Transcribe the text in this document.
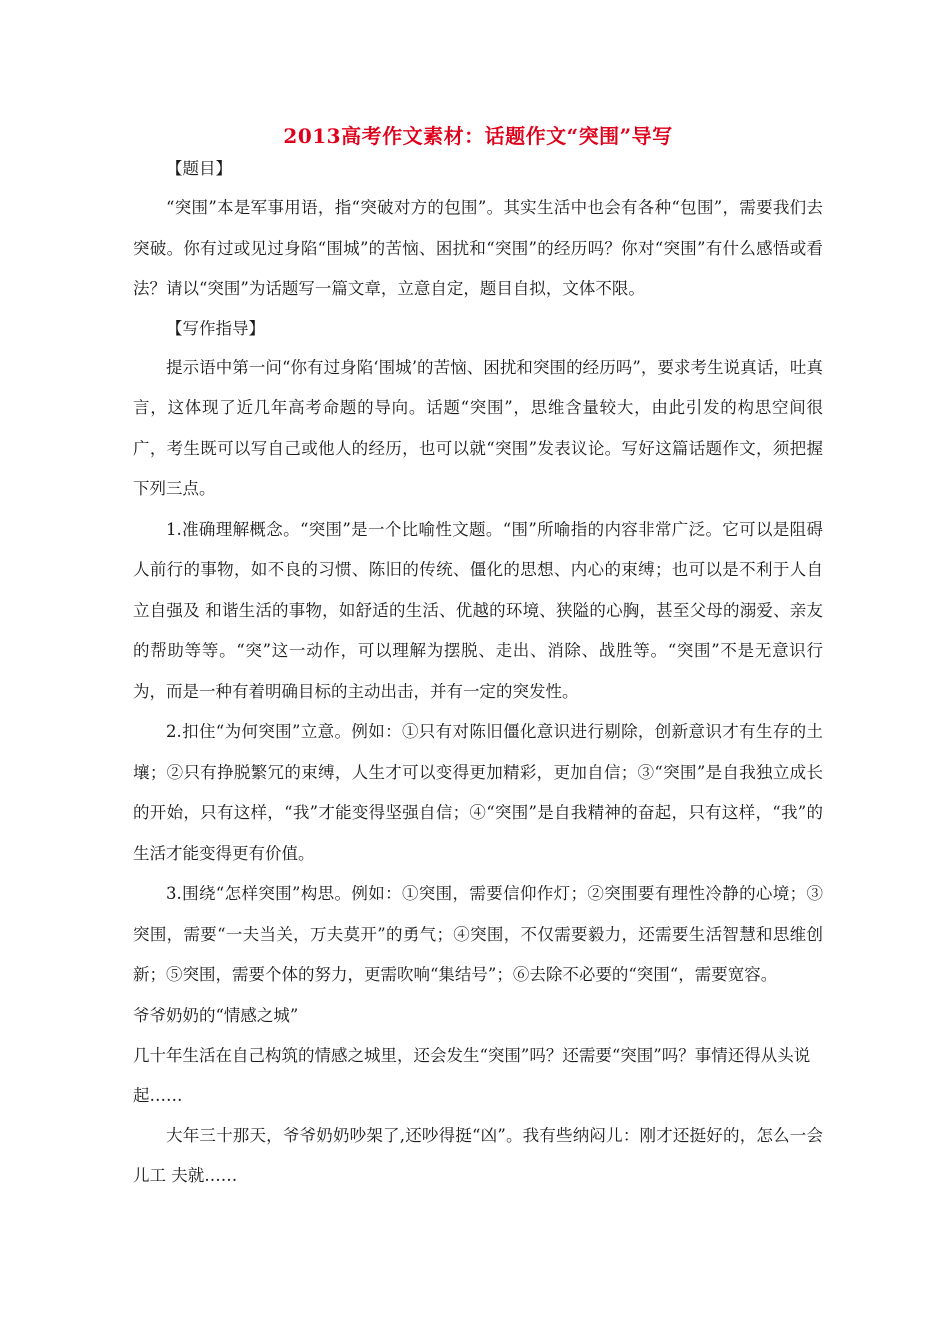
2013高考作文素材：话题作文“突围”导写

【题目】

“突围”本是军事用语，指“突破对方的包围”。其实生活中也会有各种“包围”，需要我们去突破。你有过或见过身陷“围城”的苦恼、困扰和“突围”的经历吗？你对“突围”有什么感悟或看法？请以“突围”为话题写一篇文章，立意自定，题目自拟，文体不限。

【写作指导】

提示语中第一问“你有过身陷‘围城’的苦恼、困扰和突围的经历吗”，要求考生说真话，吐真言，这体现了近几年高考命题的导向。话题“突围”，思维含量较大，由此引发的构思空间很广，考生既可以写自己或他人的经历，也可以就“突围”发表议论。写好这篇话题作文，须把握下列三点。

1.准确理解概念。“突围”是一个比喻性文题。“围”所喻指的内容非常广泛。它可以是阻碍人前行的事物，如不良的习惯、陈旧的传统、僵化的思想、内心的束缚；也可以是不利于人自立自强及 和谐生活的事物，如舒适的生活、优越的环境、狭隘的心胸，甚至父母的溺爱、亲友的帮助等等。“突”这一动作，可以理解为摆脱、走出、消除、战胜等。“突围”不是无意识行为，而是一种有着明确目标的主动出击，并有一定的突发性。

2.扣住“为何突围”立意。例如：①只有对陈旧僵化意识进行剔除，创新意识才有生存的土壤；②只有挣脱繁冗的束缚，人生才可以变得更加精彩，更加自信；③“突围”是自我独立成长的开始，只有这样，“我”才能变得坚强自信；④“突围”是自我精神的奋起，只有这样，“我”的生活才能变得更有价值。

3.围绕“怎样突围”构思。例如：①突围，需要信仰作灯；②突围要有理性冷静的心境；③突围，需要“一夫当关，万夫莫开”的勇气；④突围，不仅需要毅力，还需要生活智慧和思维创新；⑤突围，需要个体的努力，更需吹响“集结号”；⑥去除不必要的“突围“，需要宽容。

爷爷奶奶的“情感之城”

几十年生活在自己构筑的情感之城里，还会发生“突围”吗？还需要“突围”吗？事情还得从头说起……

大年三十那天，爷爷奶奶吵架了,还吵得挺“凶”。我有些纳闷儿：刚才还挺好的，怎么一会儿工 夫就……
